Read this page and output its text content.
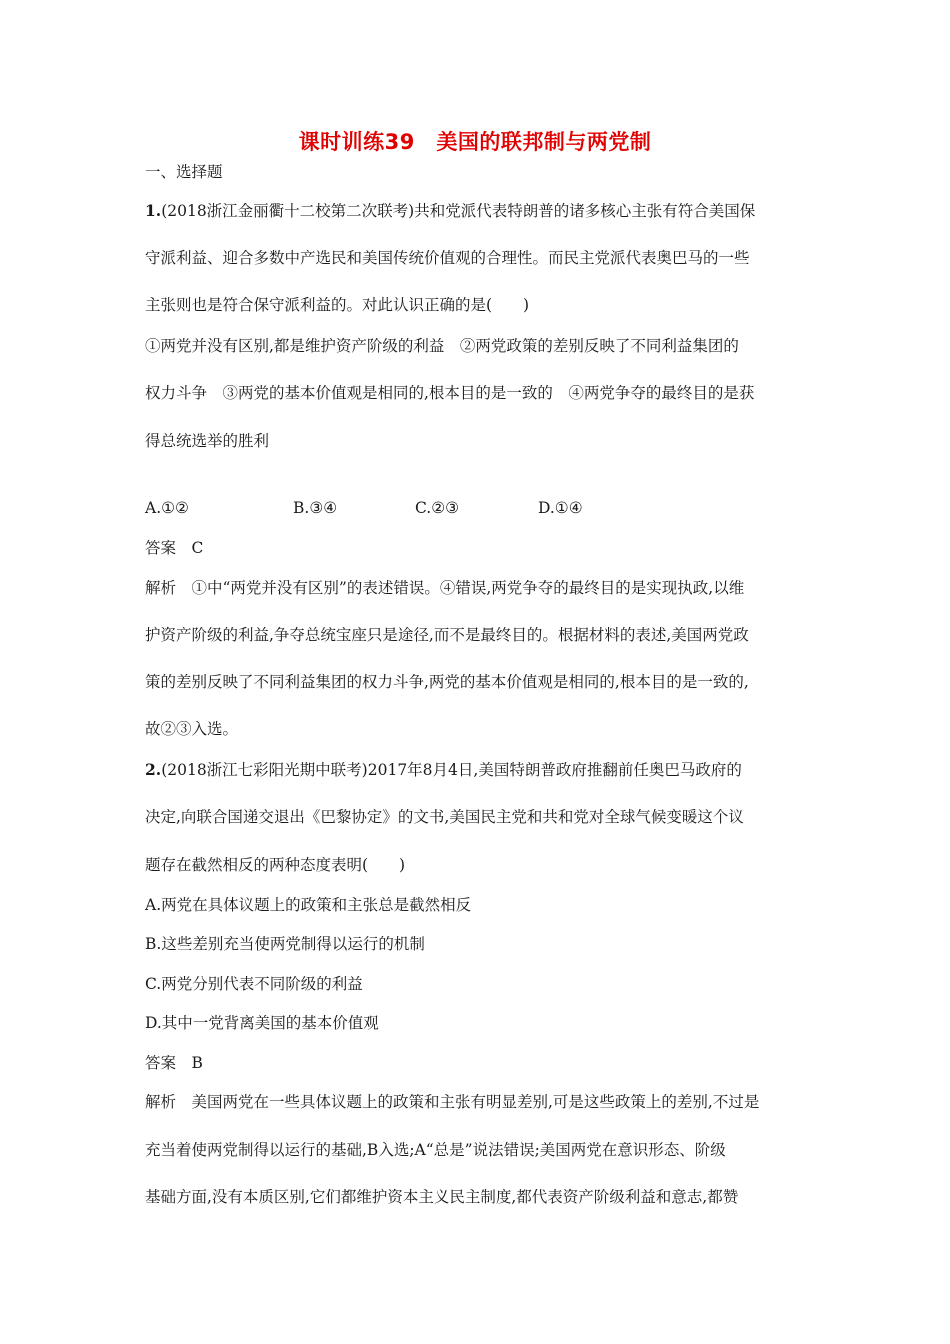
课时训练39　美国的联邦制与两党制
一、选择题
1.(2018浙江金丽衢十二校第二次联考)共和党派代表特朗普的诸多核心主张有符合美国保
守派利益、迎合多数中产选民和美国传统价值观的合理性。而民主党派代表奥巴马的一些
主张则也是符合保守派利益的。对此认识正确的是(　　)
①两党并没有区别,都是维护资产阶级的利益　②两党政策的差别反映了不同利益集团的
权力斗争　③两党的基本价值观是相同的,根本目的是一致的　④两党争夺的最终目的是获
得总统选举的胜利
A.①②	B.③④	C.②③	D.①④
答案　C
解析　①中“两党并没有区别”的表述错误。④错误,两党争夺的最终目的是实现执政,以维
护资产阶级的利益,争夺总统宝座只是途径,而不是最终目的。根据材料的表述,美国两党政
策的差别反映了不同利益集团的权力斗争,两党的基本价值观是相同的,根本目的是一致的,
故②③入选。
2.(2018浙江七彩阳光期中联考)2017年8月4日,美国特朗普政府推翻前任奥巴马政府的
决定,向联合国递交退出《巴黎协定》的文书,美国民主党和共和党对全球气候变暖这个议
题存在截然相反的两种态度表明(　　)
A.两党在具体议题上的政策和主张总是截然相反
B.这些差别充当使两党制得以运行的机制
C.两党分别代表不同阶级的利益
D.其中一党背离美国的基本价值观
答案　B
解析　美国两党在一些具体议题上的政策和主张有明显差别,可是这些政策上的差别,不过是
充当着使两党制得以运行的基础,B入选;A“总是”说法错误;美国两党在意识形态、阶级
基础方面,没有本质区别,它们都维护资本主义民主制度,都代表资产阶级利益和意志,都赞
